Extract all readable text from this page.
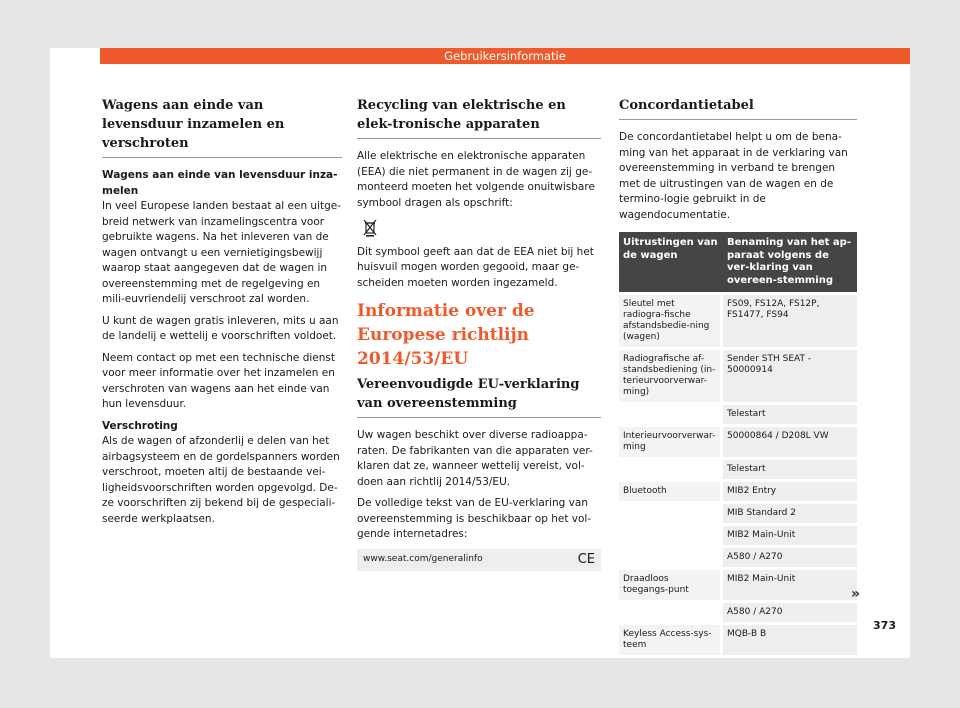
Gebruikersinformatie
Wagens aan einde van levensduur inzamelen en verschroten
Wagens aan einde van levensduur inza-melen

In veel Europese landen bestaat al een uitge-breid netwerk van inzamelingscentra voor gebruikte wagens. Na het inleveren van de wagen ontvangt u een vernietigingsbewijj waarop staat aangegeven dat de wagen in overeenstemming met de regelgeving en mili-euvriendelij verschroot zal worden.

U kunt de wagen gratis inleveren, mits u aan de landelij e wettelij e voorschriften voldoet.

Neem contact op met een technische dienst voor meer informatie over het inzamelen en verschroten van wagens aan het einde van hun levensduur.

Verschroting

Als de wagen of afzonderlij e delen van het airbagsysteem en de gordelspanners worden verschroot, moeten altij de bestaande vei-ligheidsvoorschriften worden opgevolgd. De-ze voorschriften zij bekend bij de gespeciali-seerde werkplaatsen.

Recycling van elektrische en elek-tronische apparaten

Alle elektrische en elektronische apparaten (EEA) die niet permanent in de wagen zij ge-monteerd moeten het volgende onuitwisbare symbool dragen als opschrift:

Dit symbool geeft aan dat de EEA niet bij het huisvuil mogen worden gegooid, maar ge-scheiden moeten worden ingezameld.

Informatie over de Europese richtlijn 2014/53/EU
Vereenvoudigde EU-verklaring van overeenstemming

Uw wagen beschikt over diverse radioappa-raten. De fabrikanten van die apparaten ver-klaren dat ze, wanneer wettelij vereist, vol-doen aan richtlij 2014/53/EU.

De volledige tekst van de EU-verklaring van overeenstemming is beschikbaar op het vol-gende internetadres:

www.seat.com/generalinfo	CE
Concordantietabel

De concordantietabel helpt u om de bena-ming van het apparaat in de verklaring van overeenstemming in verband te brengen met de uitrustingen van de wagen en de termino-logie gebruikt in de wagendocumentatie.

Uitrustingen van de wagen	Benaming van het ap-paraat volgens de ver-klaring van overeen-stemming
Sleutel met radiogra-fische afstandsbedie-ning (wagen)	FS09, FS12A, FS12P, FS1477, FS94
Radiografische af-standsbediening (in-terieurvoorverwar-ming)	Sender STH SEAT - 50000914
	Telestart
Interieurvoorverwar-ming	50000864 / D208L VW
	Telestart
Bluetooth	MIB2 Entry
	MIB Standard 2
	MIB2 Main-Unit
	A580 / A270
Draadloos toegangs-punt	MIB2 Main-Unit
	A580 / A270
Keyless Access-sys-teem	MQB-B B
»
373
